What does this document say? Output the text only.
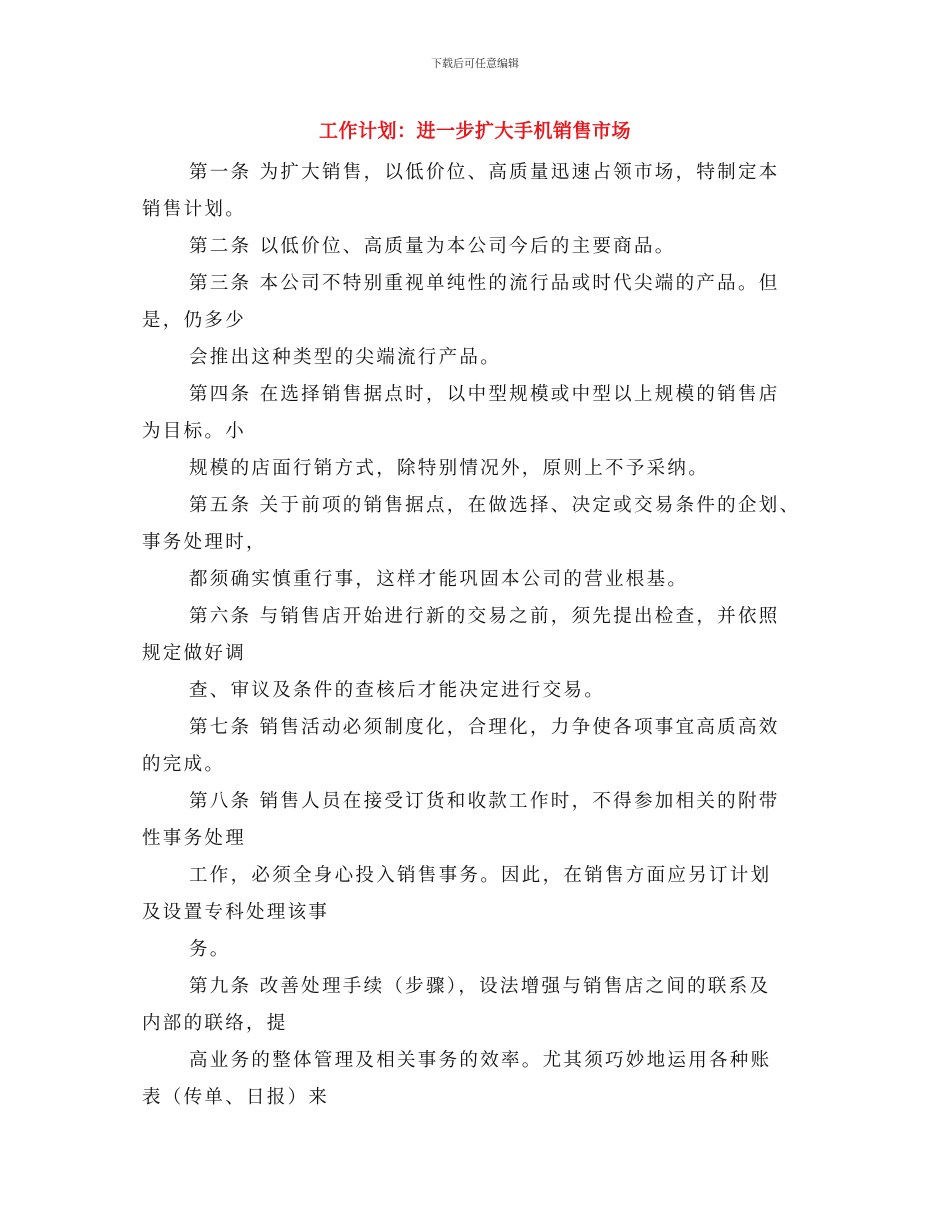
下载后可任意编辑
工作计划：进一步扩大手机销售市场
第一条 为扩大销售，以低价位、高质量迅速占领市场，特制定本
销售计划。
第二条 以低价位、高质量为本公司今后的主要商品。
第三条 本公司不特别重视单纯性的流行品或时代尖端的产品。但
是，仍多少
会推出这种类型的尖端流行产品。
第四条 在选择销售据点时，以中型规模或中型以上规模的销售店
为目标。小
规模的店面行销方式，除特别情况外，原则上不予采纳。
第五条 关于前项的销售据点，在做选择、决定或交易条件的企划、
事务处理时，
都须确实慎重行事，这样才能巩固本公司的营业根基。
第六条 与销售店开始进行新的交易之前，须先提出检查，并依照
规定做好调
查、审议及条件的查核后才能决定进行交易。
第七条 销售活动必须制度化，合理化，力争使各项事宜高质高效
的完成。
第八条 销售人员在接受订货和收款工作时，不得参加相关的附带
性事务处理
工作，必须全身心投入销售事务。因此，在销售方面应另订计划
及设置专科处理该事
务。
第九条 改善处理手续（步骤），设法增强与销售店之间的联系及
内部的联络，提
高业务的整体管理及相关事务的效率。尤其须巧妙地运用各种账
表（传单、日报）来
